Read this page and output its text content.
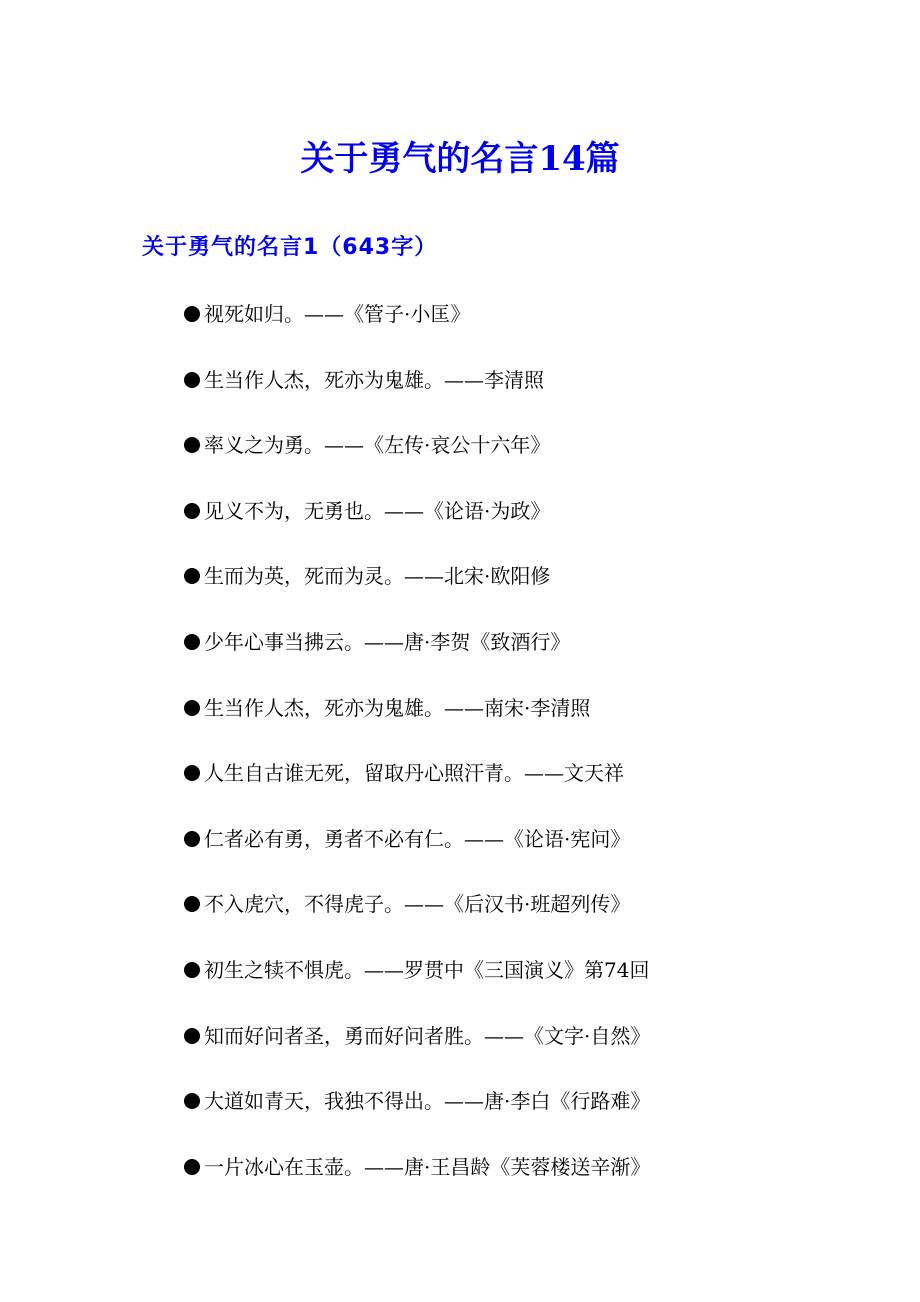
关于勇气的名言14篇
关于勇气的名言1（643字）
视死如归。——《管子·小匡》
生当作人杰，死亦为鬼雄。——李清照
率义之为勇。——《左传·哀公十六年》
见义不为，无勇也。——《论语·为政》
生而为英，死而为灵。——北宋·欧阳修
少年心事当拂云。——唐·李贺《致酒行》
生当作人杰，死亦为鬼雄。——南宋·李清照
人生自古谁无死，留取丹心照汗青。——文天祥
仁者必有勇，勇者不必有仁。——《论语·宪问》
不入虎穴，不得虎子。——《后汉书·班超列传》
初生之犊不惧虎。——罗贯中《三国演义》第74回
知而好问者圣，勇而好问者胜。——《文字·自然》
大道如青天，我独不得出。——唐·李白《行路难》
一片冰心在玉壶。——唐·王昌龄《芙蓉楼送辛渐》
